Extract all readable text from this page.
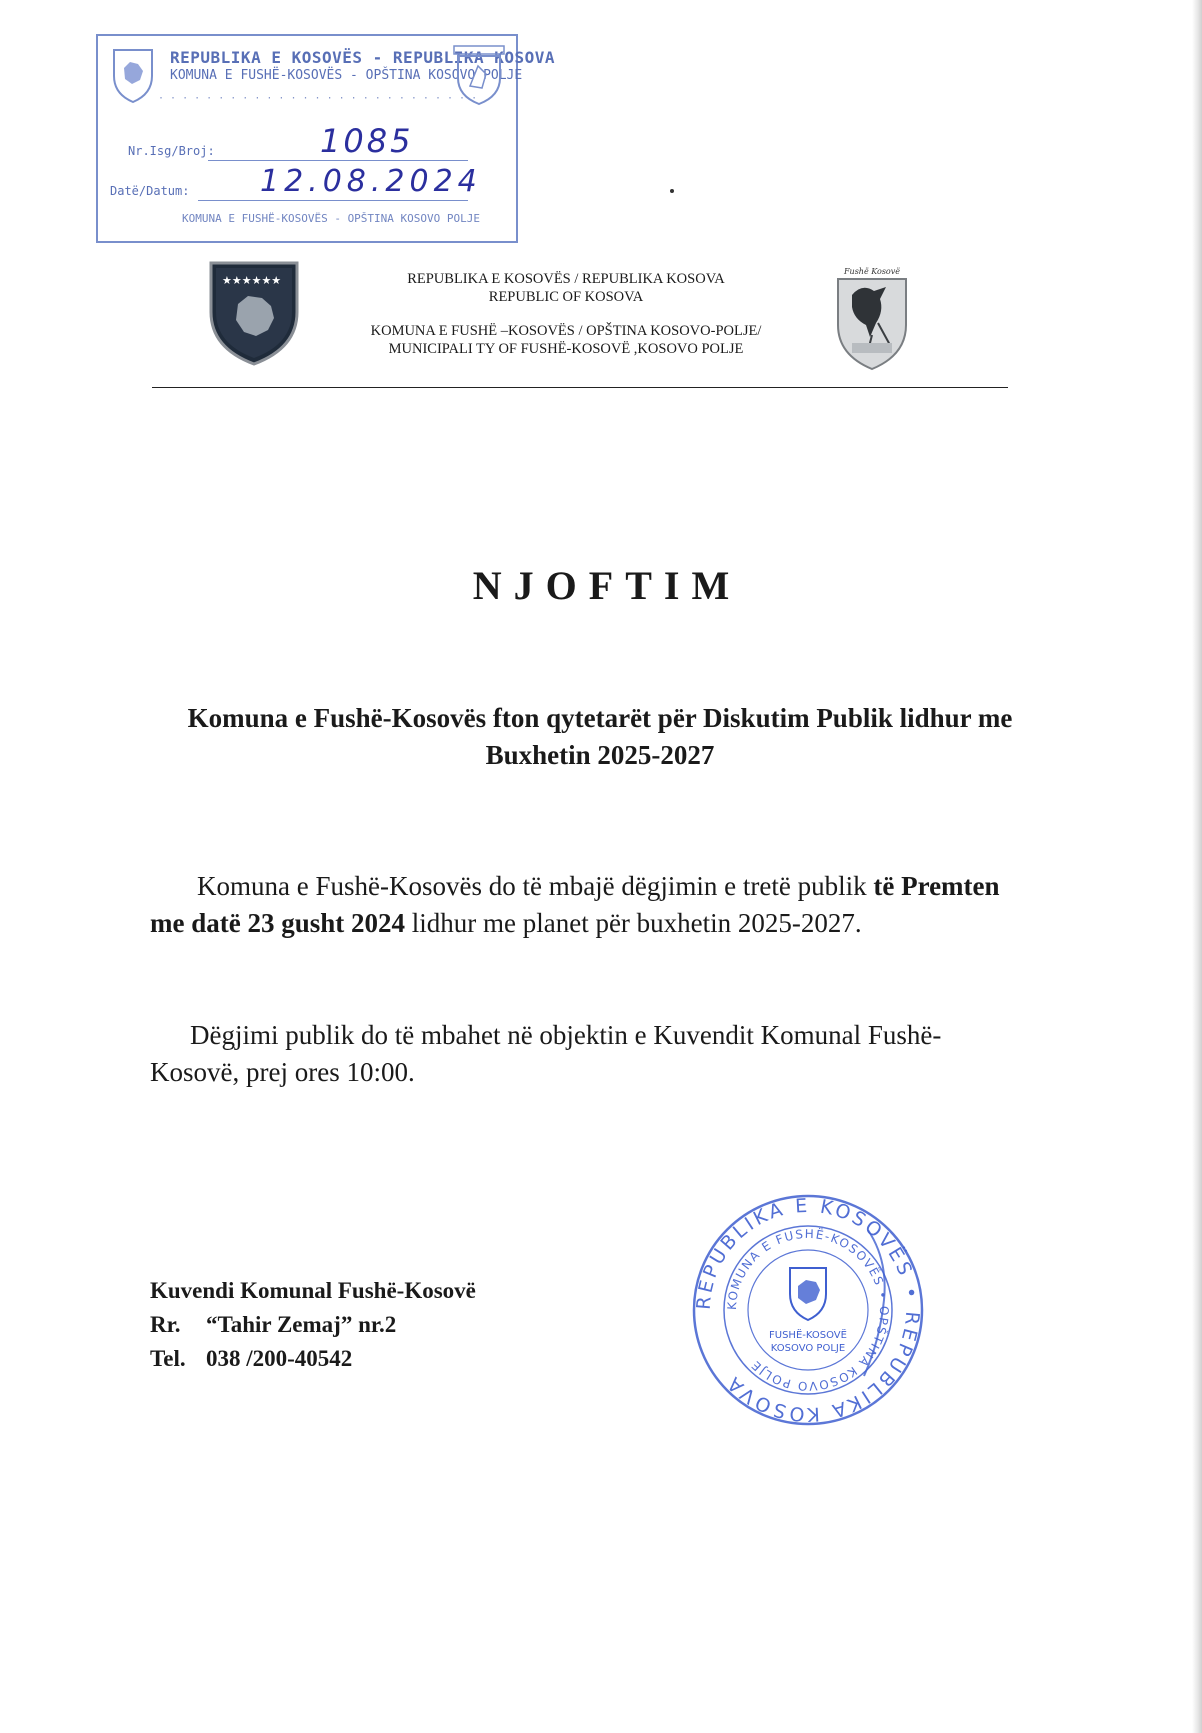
REPUBLIKA E KOSOVËS - REPUBLIKA KOSOVA
KOMUNA E FUSHË-KOSOVËS - OPŠTINA KOSOVO POLJE
· · · · · · · · · · · · · · · · · · · · · · · · · · ·
Nr.Isg/Broj:
Datë/Datum:
KOMUNA E FUSHË-KOSOVËS - OPŠTINA KOSOVO POLJE
1085
12.08.2024
★★★★★★	REPUBLIKA E KOSOVËS / REPUBLIKA KOSOVA
REPUBLIC OF KOSOVA
KOMUNA E FUSHË –KOSOVËS / OPŠTINA KOSOVO-POLJE/
MUNICIPALI TY OF FUSHË-KOSOVË ,KOSOVO POLJE
Fushë Kosovë
NJOFTIM
Komuna e Fushë-Kosovës fton qytetarët për Diskutim Publik lidhur me
Buxhetin 2025-2027
Komuna e Fushë-Kosovës do të mbajë dëgjimin e tretë publik të Premten me datë 23 gusht 2024 lidhur me planet për buxhetin 2025-2027.
Dëgjimi publik do të mbahet në objektin e Kuvendit Komunal Fushë-Kosovë, prej ores 10:00.
Kuvendi Komunal Fushë-Kosovë
Rr. “Tahir Zemaj” nr.2
Tel. 038 /200-40542
REPUBLIKA E KOSOVËS • REPUBLIKA KOSOVA
KOMUNA E FUSHË-KOSOVËS • OPŠTINA KOSOVO POLJE
FUSHË-KOSOVË
KOSOVO POLJE
